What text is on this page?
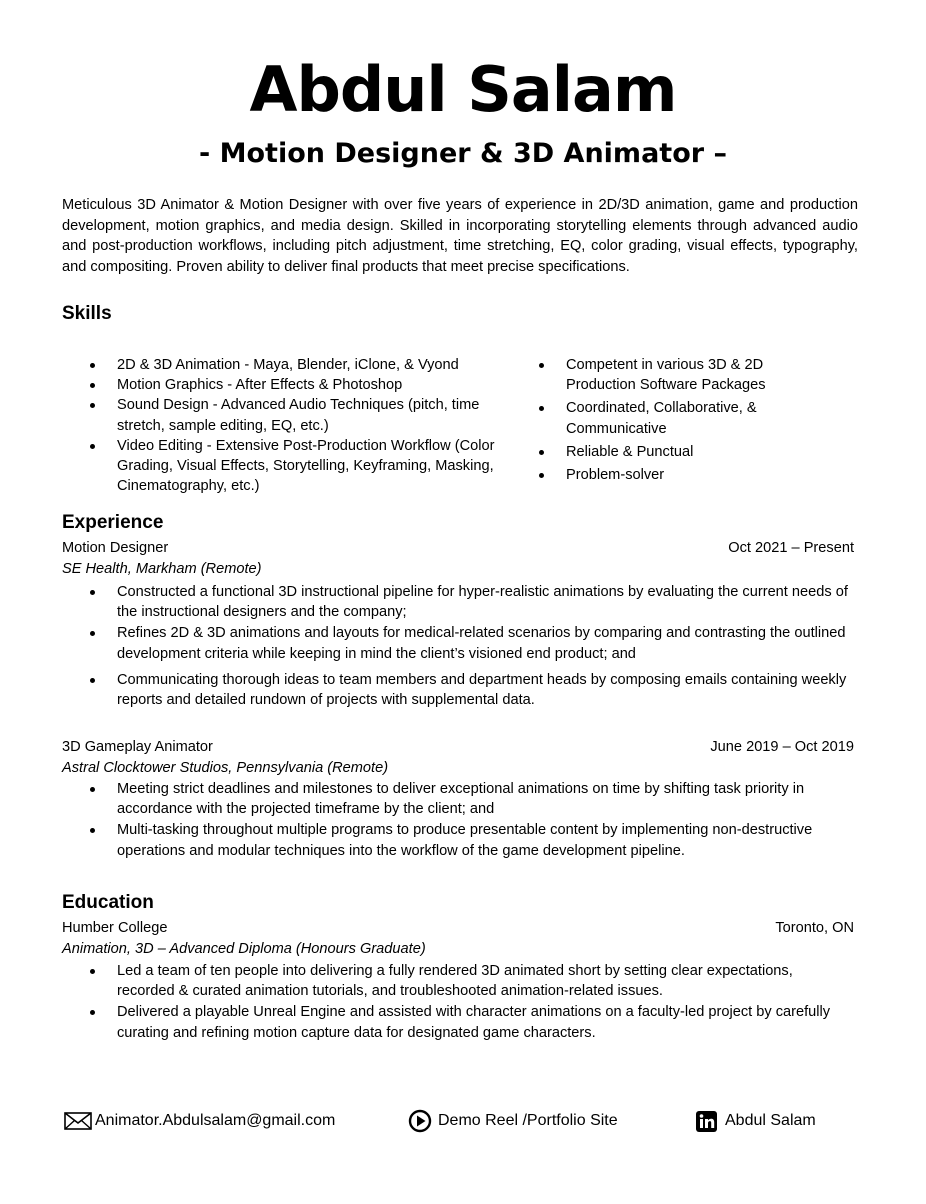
Abdul Salam
- Motion Designer & 3D Animator –
Meticulous 3D Animator & Motion Designer with over five years of experience in 2D/3D animation, game and production development, motion graphics, and media design. Skilled in incorporating storytelling elements through advanced audio and post-production workflows, including pitch adjustment, time stretching, EQ, color grading, visual effects, typography, and compositing. Proven ability to deliver final products that meet precise specifications.
Skills
2D & 3D Animation - Maya, Blender, iClone, & Vyond
Motion Graphics - After Effects & Photoshop
Sound Design - Advanced Audio Techniques (pitch, time stretch, sample editing, EQ, etc.)
Video Editing - Extensive Post-Production Workflow (Color Grading, Visual Effects, Storytelling, Keyframing, Masking, Cinematography, etc.)
Competent in various 3D & 2D Production Software Packages
Coordinated, Collaborative, & Communicative
Reliable & Punctual
Problem-solver
Experience
Motion Designer	Oct 2021 – Present
SE Health, Markham (Remote)
Constructed a functional 3D instructional pipeline for hyper-realistic animations by evaluating the current needs of the instructional designers and the company;
Refines 2D & 3D animations and layouts for medical-related scenarios by comparing and contrasting the outlined development criteria while keeping in mind the client’s visioned end product; and
Communicating thorough ideas to team members and department heads by composing emails containing weekly reports and detailed rundown of projects with supplemental data.
3D Gameplay Animator	June 2019 – Oct 2019
Astral Clocktower Studios, Pennsylvania (Remote)
Meeting strict deadlines and milestones to deliver exceptional animations on time by shifting task priority in accordance with the projected timeframe by the client; and
Multi-tasking throughout multiple programs to produce presentable content by implementing non-destructive operations and modular techniques into the workflow of the game development pipeline.
Education
Humber College	Toronto, ON
Animation, 3D – Advanced Diploma (Honours Graduate)
Led a team of ten people into delivering a fully rendered 3D animated short by setting clear expectations, recorded & curated animation tutorials, and troubleshooted animation-related issues.
Delivered a playable Unreal Engine and assisted with character animations on a faculty-led project by carefully curating and refining motion capture data for designated game characters.
Animator.Abdulsalam@gmail.com	Demo Reel /Portfolio Site	Abdul Salam
